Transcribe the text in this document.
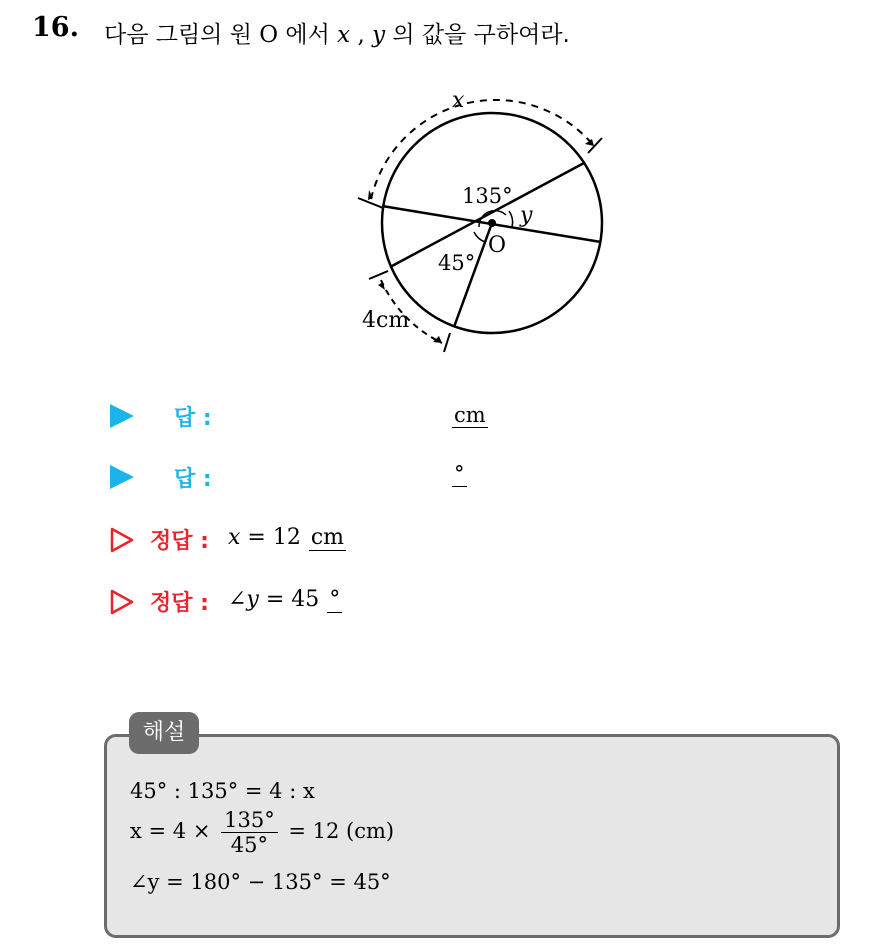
16. 다음 그림의 원 O 에서 x , y 의 값을 구하여라.
x
135°
y
O
45°
4cm
답 :	cm
답 :	°
정답 : x = 12 cm
정답 : ∠y = 45 °
해설
45° : 135° = 4 : x
$x = 4 \times \frac{135^\circ}{45^\circ} = 12$ (cm)
∠y = 180° − 135° = 45°
